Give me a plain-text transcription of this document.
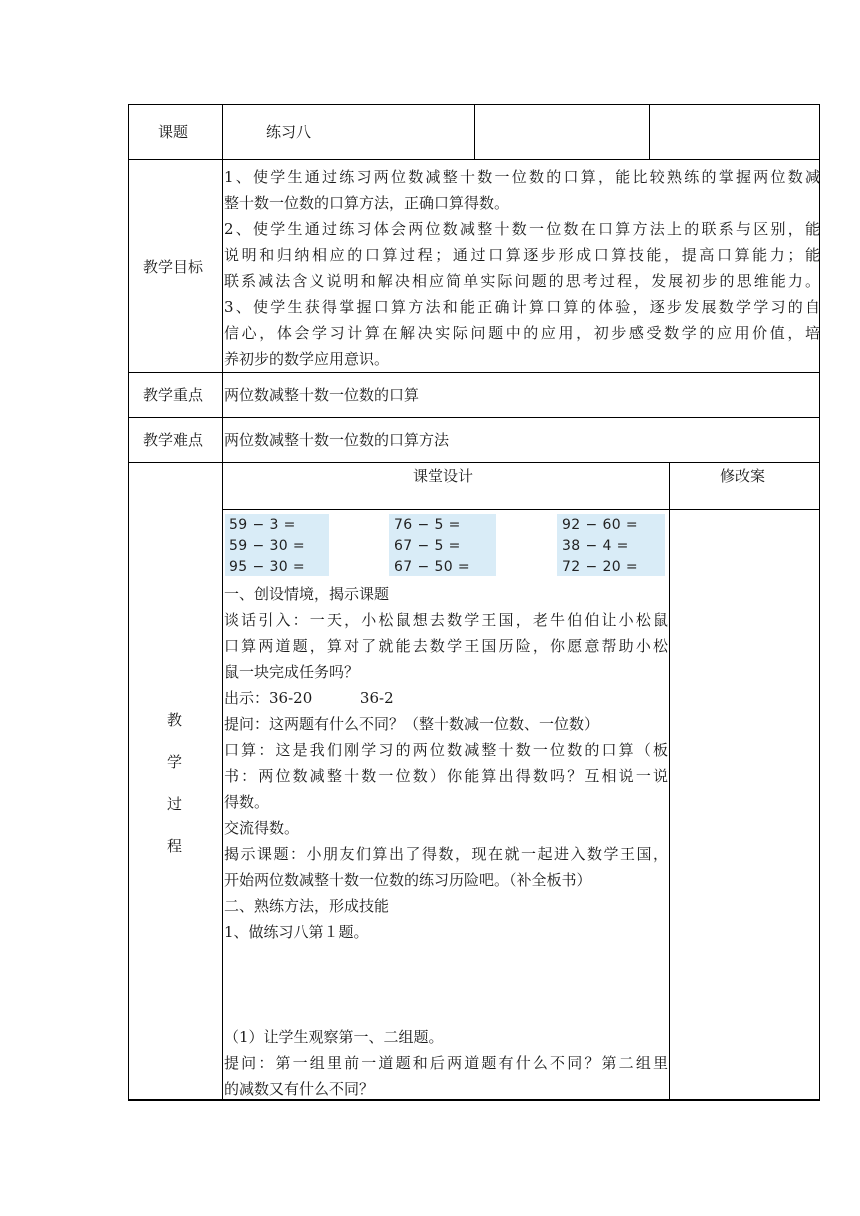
课题	练习八
教学目标
1、使学生通过练习两位数减整十数一位数的口算，能比较熟练的掌握两位数减
整十数一位数的口算方法，正确口算得数。
2、使学生通过练习体会两位数减整十数一位数在口算方法上的联系与区别，能
说明和归纳相应的口算过程；通过口算逐步形成口算技能，提高口算能力；能
联系减法含义说明和解决相应简单实际问题的思考过程，发展初步的思维能力。
3、使学生获得掌握口算方法和能正确计算口算的体验，逐步发展数学学习的自
信心，体会学习计算在解决实际问题中的应用，初步感受数学的应用价值，培
养初步的数学应用意识。
教学重点 两位数减整十数一位数的口算
教学难点 两位数减整十数一位数的口算方法
教
学
过
程
课堂设计	修改案
59 − 3 =
59 − 30 =
95 − 30 =
76 − 5 =
67 − 5 =
67 − 50 =
92 − 60 =
38 − 4 =
72 − 20 =
一、创设情境，揭示课题
谈话引入：一天，小松鼠想去数学王国，老牛伯伯让小松鼠
口算两道题，算对了就能去数学王国历险，你愿意帮助小松
鼠一块完成任务吗？
出示：36-20          36-2
提问：这两题有什么不同？（整十数减一位数、一位数）
口算：这是我们刚学习的两位数减整十数一位数的口算（板
书：两位数减整十数一位数）你能算出得数吗？互相说一说
得数。
交流得数。
揭示课题：小朋友们算出了得数，现在就一起进入数学王国，
开始两位数减整十数一位数的练习历险吧。（补全板书）
二、熟练方法，形成技能
1、做练习八第１题。
（1）让学生观察第一、二组题。
提问：第一组里前一道题和后两道题有什么不同？第二组里
的减数又有什么不同？
